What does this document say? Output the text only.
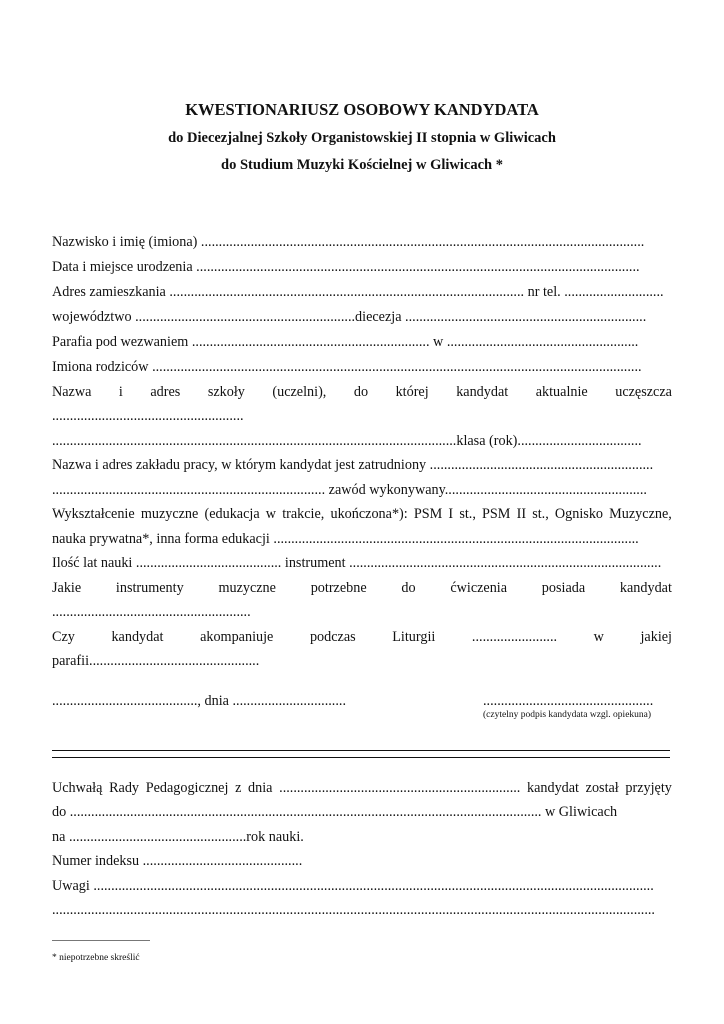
KWESTIONARIUSZ OSOBOWY KANDYDATA
do Diecezjalnej Szkoły Organistowskiej II stopnia w Gliwicach
do Studium Muzyki Kościelnej w Gliwicach *
Nazwisko i imię (imiona) .............................................................................................................................
Data i miejsce urodzenia .............................................................................................................................
Adres zamieszkania .................................................................................................... nr tel. ............................
województwo ..............................................................diecezja ....................................................................
Parafia pod wezwaniem ................................................................... w ......................................................
Imiona rodziców ..........................................................................................................................................
Nazwa i adres szkoły (uczelni), do której kandydat aktualnie uczęszcza
......................................................
..................................................................................................................klasa (rok)...................................
Nazwa i adres zakładu pracy, w którym kandydat jest zatrudniony ...............................................................
............................................................................. zawód wykonywany.........................................................
Wykształcenie muzyczne (edukacja w trakcie, ukończona*): PSM I st., PSM II st., Ognisko Muzyczne,
nauka prywatna*, inna forma edukacji .......................................................................................................
Ilość lat nauki ......................................... instrument ........................................................................................
Jakie instrumenty muzyczne potrzebne do ćwiczenia posiada kandydat
........................................................
Czy	kandydat	akompaniuje	podczas	Liturgii	........................	w	jakiej
parafii................................................
........................................., dnia ................................	................................................
(czytelny podpis kandydata wzgl. opiekuna)
Uchwałą Rady Pedagogicznej z dnia .................................................................... kandydat został przyjęty
do ..................................................................................................................................... w Gliwicach
na ..................................................rok nauki.
Numer indeksu .............................................
Uwagi ..............................................................................................................................................................
..........................................................................................................................................................................
* niepotrzebne skreślić
